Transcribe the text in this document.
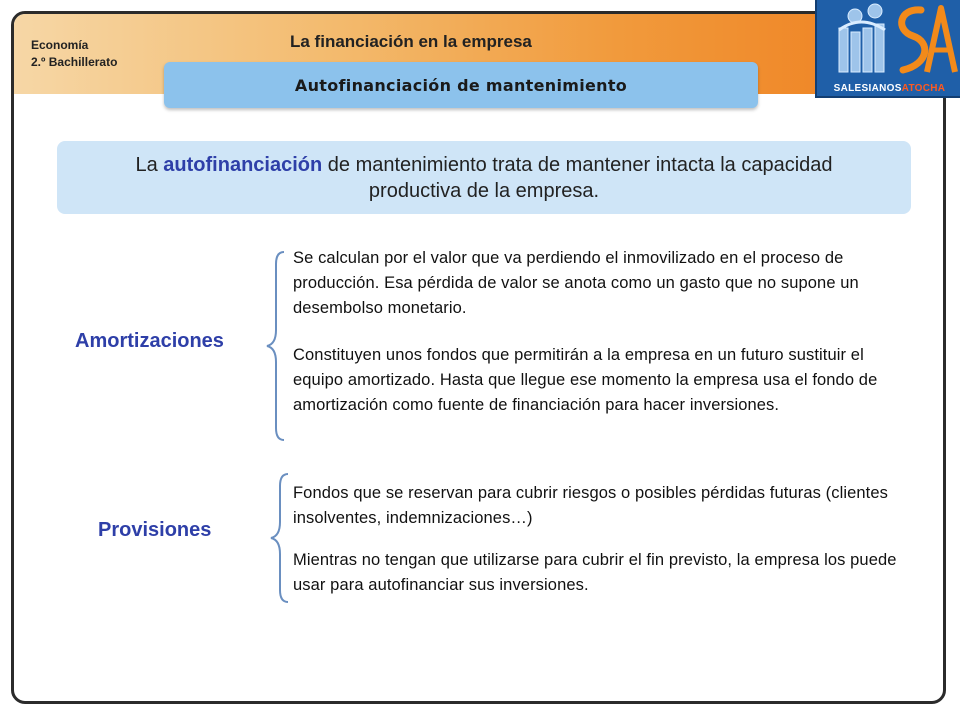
Economía
2.º Bachillerato
La financiación en la empresa
SALESIANOSATOCHA
Autofinanciación de mantenimiento
La autofinanciación de mantenimiento trata de mantener intacta la capacidad productiva de la empresa.
Amortizaciones
Se calculan por el valor que va perdiendo el inmovilizado en el proceso de producción. Esa pérdida de valor se anota como un gasto que no supone un desembolso monetario.
Constituyen unos fondos que permitirán a la empresa en un futuro sustituir el equipo amortizado. Hasta que llegue ese momento la empresa usa el fondo de amortización como fuente de financiación para hacer inversiones.
Provisiones
Fondos que se reservan para cubrir riesgos o posibles pérdidas futuras (clientes insolventes, indemnizaciones…)
Mientras no tengan que utilizarse para cubrir el fin previsto, la empresa los puede usar para autofinanciar sus inversiones.
